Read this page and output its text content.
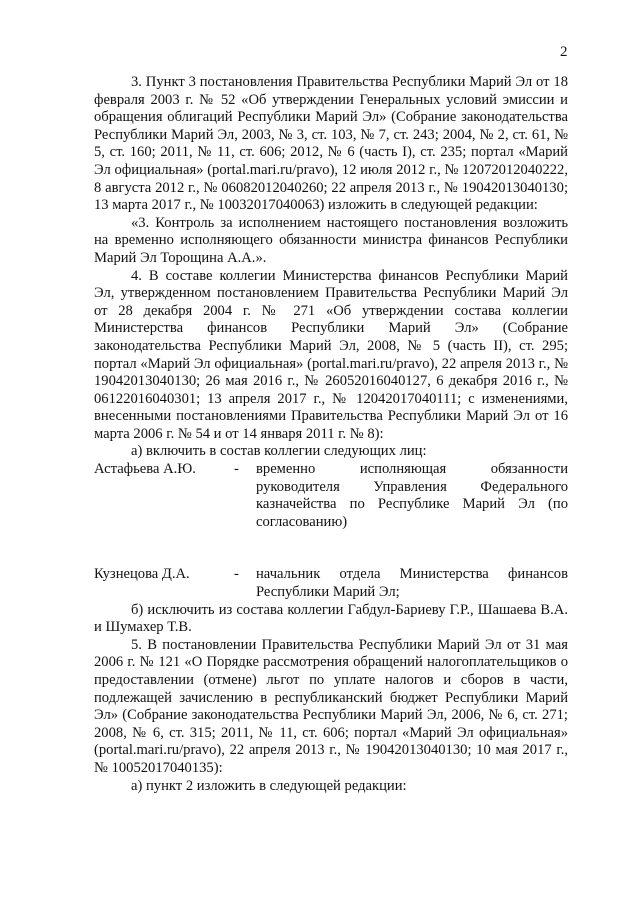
2

3. Пункт 3 постановления Правительства Республики Марий Эл от 18 февраля 2003 г. № 52 «Об утверждении Генеральных условий эмиссии и обращения облигаций Республики Марий Эл» (Собрание законодательства Республики Марий Эл, 2003, № 3, ст. 103, № 7, ст. 243; 2004, № 2, ст. 61, № 5, ст. 160; 2011, № 11, ст. 606; 2012, № 6 (часть I), ст. 235; портал «Марий Эл официальная» (portal.mari.ru/pravo), 12 июля 2012 г., № 12072012040222, 8 августа 2012 г., № 06082012040260; 22 апреля 2013 г., № 19042013040130; 13 марта 2017 г., № 10032017040063) изложить в следующей редакции:

«3. Контроль за исполнением настоящего постановления возложить на временно исполняющего обязанности министра финансов Республики Марий Эл Торощина А.А.».

4. В составе коллегии Министерства финансов Республики Марий Эл, утвержденном постановлением Правительства Республики Марий Эл от 28 декабря 2004 г. № 271 «Об утверждении состава коллегии Министерства финансов Республики Марий Эл» (Собрание законодательства Республики Марий Эл, 2008, № 5 (часть II), ст. 295; портал «Марий Эл официальная» (portal.mari.ru/pravo), 22 апреля 2013 г., № 19042013040130; 26 мая 2016 г., № 26052016040127, 6 декабря 2016 г., № 06122016040301; 13 апреля 2017 г., № 12042017040111; с изменениями, внесенными постановлениями Правительства Республики Марий Эл от 16 марта 2006 г. № 54 и от 14 января 2011 г. № 8):

а) включить в состав коллегии следующих лиц:

Астафьева А.Ю.	-	временно исполняющая обязанности руководителя Управления Федерального казначейства по Республике Марий Эл (по согласованию)
Кузнецова Д.А.	-	начальник отдела Министерства финансов Республики Марий Эл;

б) исключить из состава коллегии Габдул-Бариеву Г.Р., Шашаева В.А. и Шумахер Т.В.

5. В постановлении Правительства Республики Марий Эл от 31 мая 2006 г. № 121 «О Порядке рассмотрения обращений налогоплательщиков о предоставлении (отмене) льгот по уплате налогов и сборов в части, подлежащей зачислению в республиканский бюджет Республики Марий Эл» (Собрание законодательства Республики Марий Эл, 2006, № 6, ст. 271; 2008, № 6, ст. 315; 2011, № 11, ст. 606; портал «Марий Эл официальная» (portal.mari.ru/pravo), 22 апреля 2013 г., № 19042013040130; 10 мая 2017 г., № 10052017040135):

а) пункт 2 изложить в следующей редакции:
